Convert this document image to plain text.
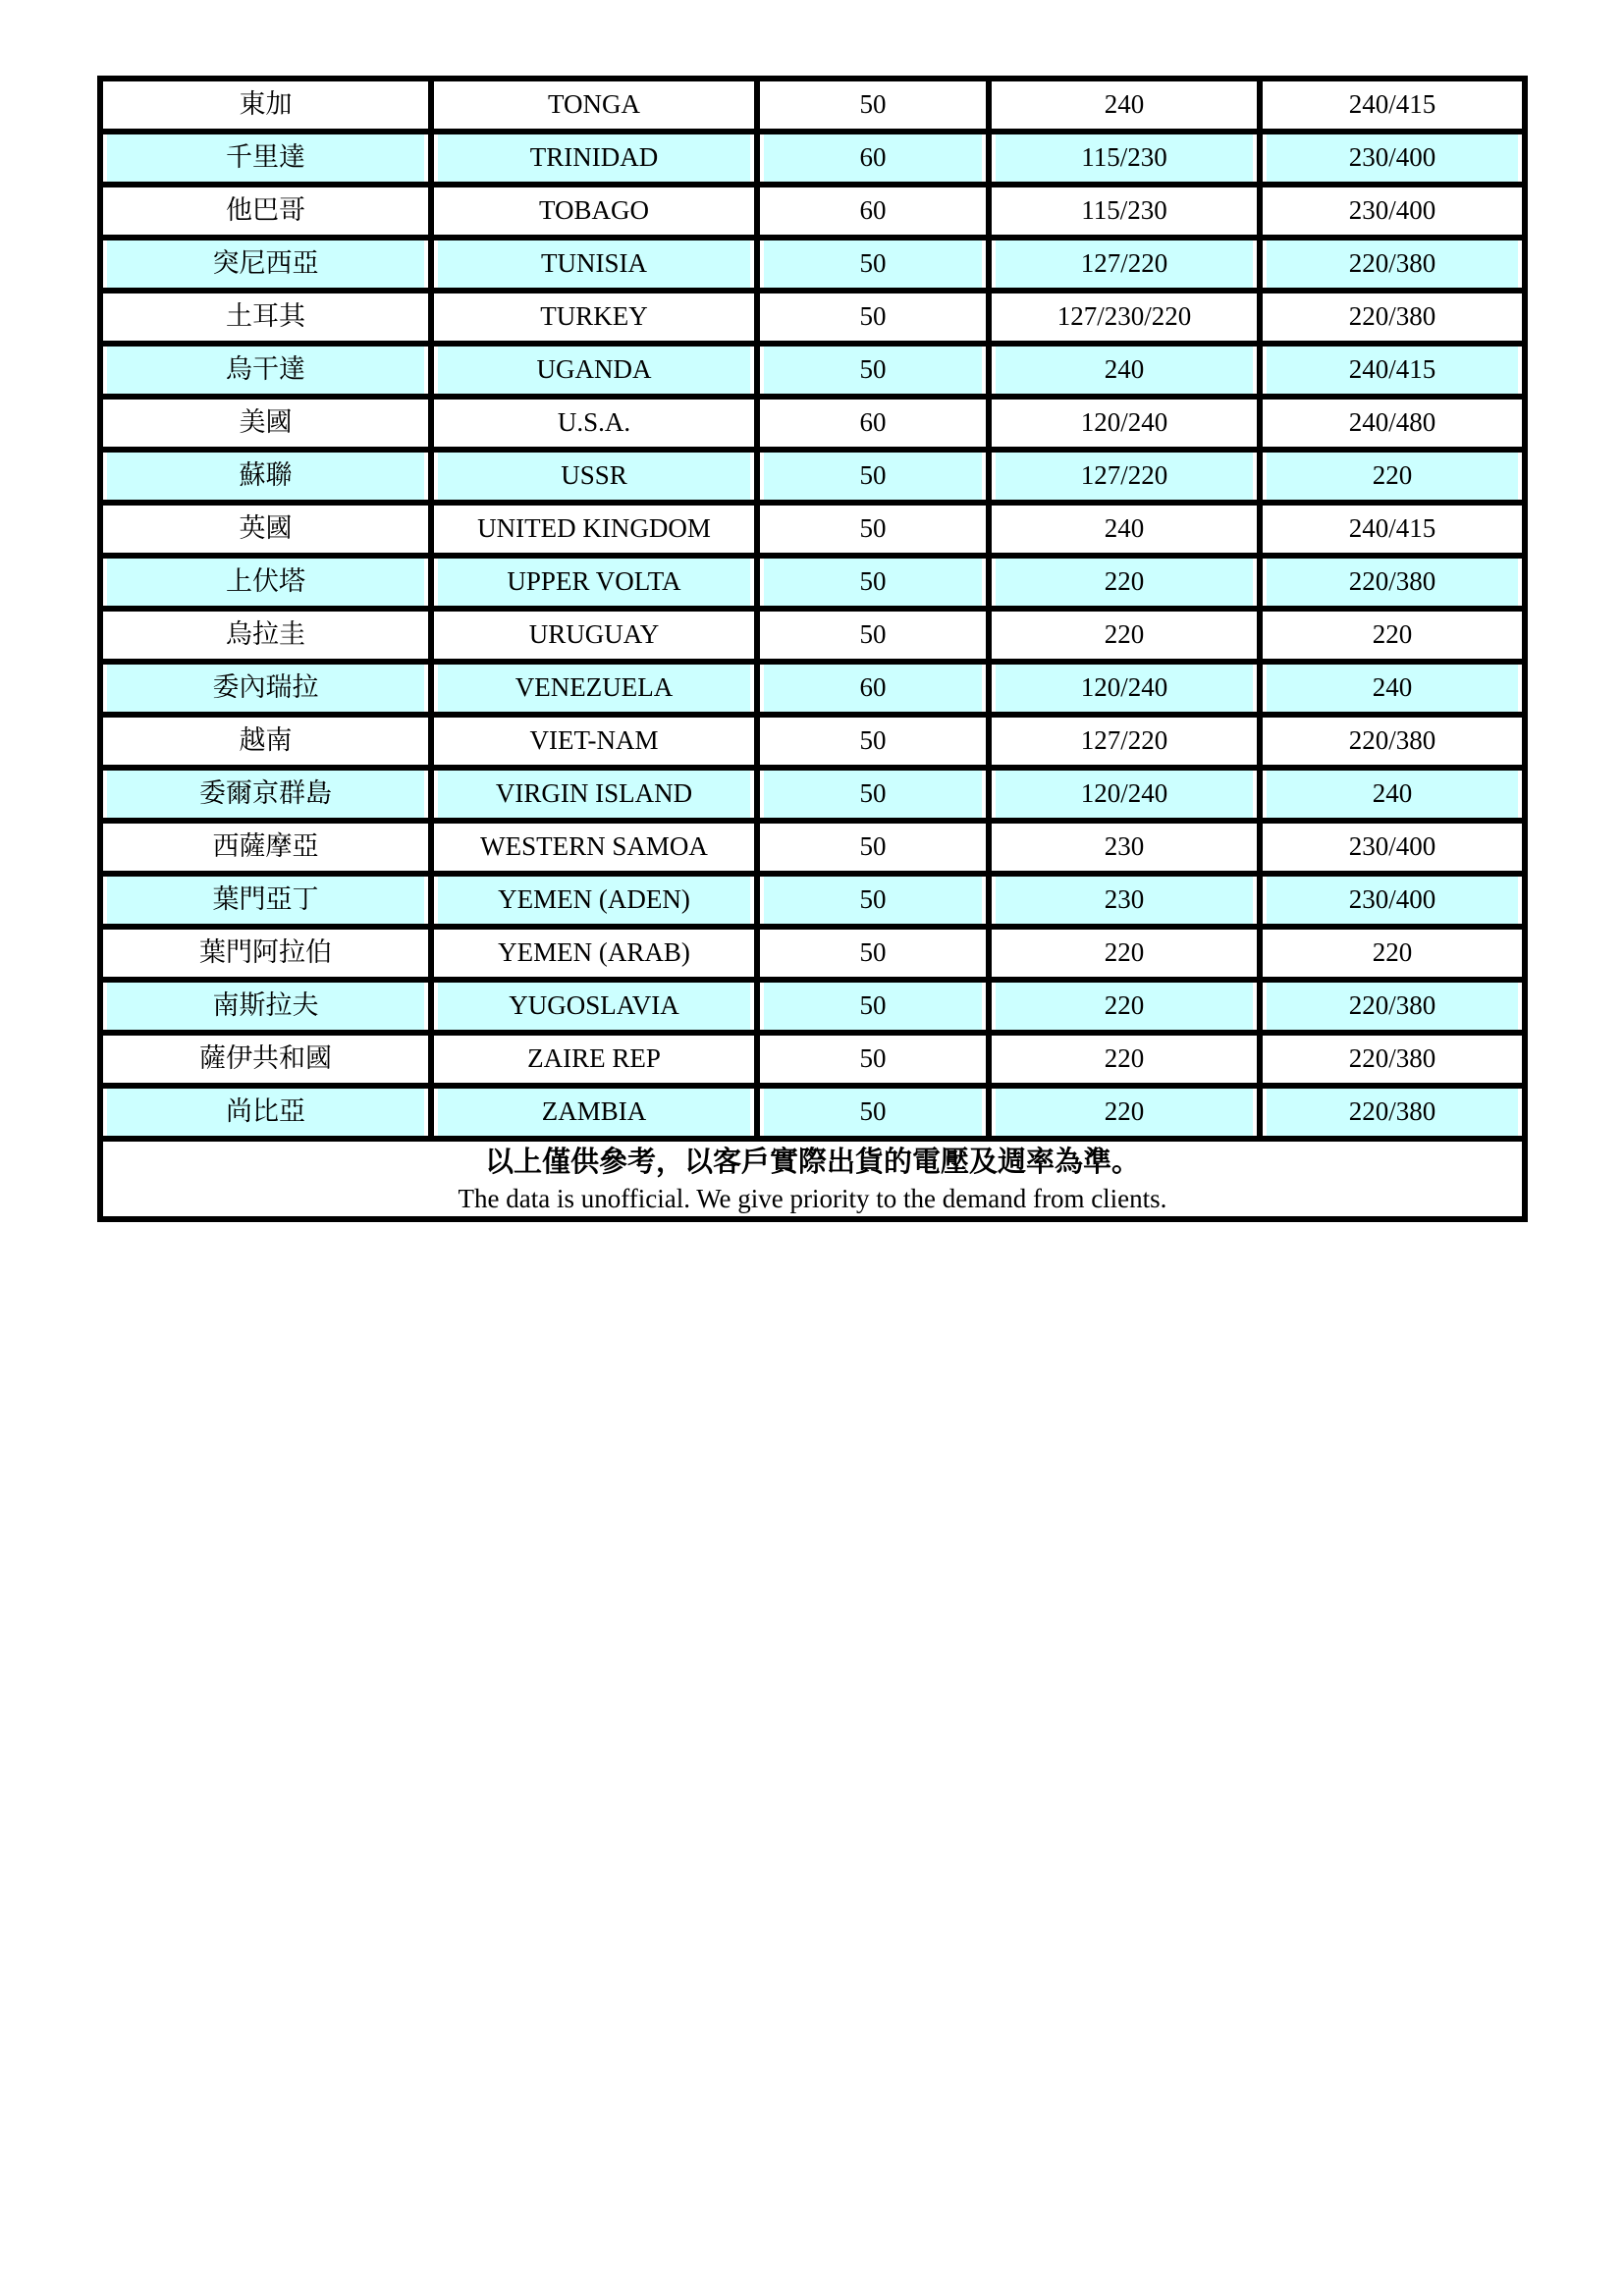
東加	TONGA	50	240	240/415
千里達	TRINIDAD	60	115/230	230/400
他巴哥	TOBAGO	60	115/230	230/400
突尼西亞	TUNISIA	50	127/220	220/380
土耳其	TURKEY	50	127/230/220	220/380
烏干達	UGANDA	50	240	240/415
美國	U.S.A.	60	120/240	240/480
蘇聯	USSR	50	127/220	220
英國	UNITED KINGDOM	50	240	240/415
上伏塔	UPPER VOLTA	50	220	220/380
烏拉圭	URUGUAY	50	220	220
委內瑞拉	VENEZUELA	60	120/240	240
越南	VIET-NAM	50	127/220	220/380
委爾京群島	VIRGIN ISLAND	50	120/240	240
西薩摩亞	WESTERN SAMOA	50	230	230/400
葉門亞丁	YEMEN (ADEN)	50	230	230/400
葉門阿拉伯	YEMEN (ARAB)	50	220	220
南斯拉夫	YUGOSLAVIA	50	220	220/380
薩伊共和國	ZAIRE REP	50	220	220/380
尚比亞	ZAMBIA	50	220	220/380

以上僅供參考，以客戶實際出貨的電壓及週率為準。
The data is unofficial. We give priority to the demand from clients.				
